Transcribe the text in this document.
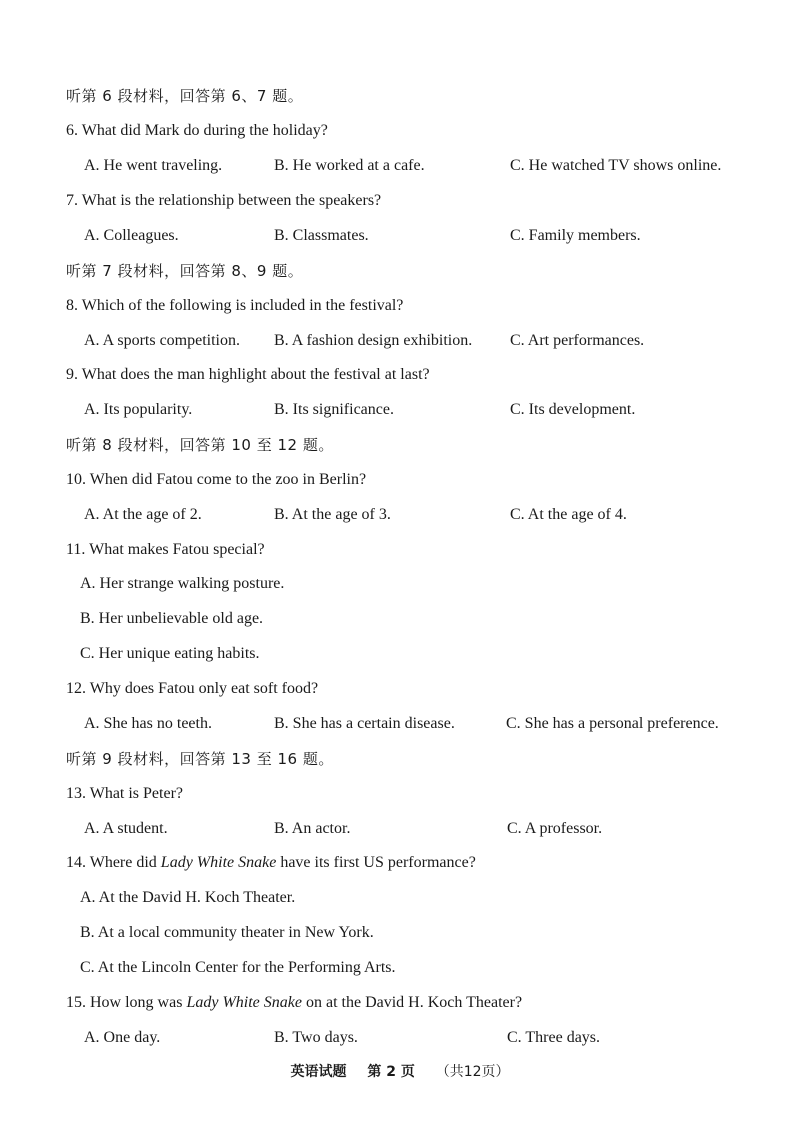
听第 6 段材料，回答第 6、7 题。
6. What did Mark do during the holiday?
A. He went traveling.	B. He worked at a cafe.	C. He watched TV shows online.
7. What is the relationship between the speakers?
A. Colleagues.	B. Classmates.	C. Family members.
听第 7 段材料，回答第 8、9 题。
8. Which of the following is included in the festival?
A. A sports competition. B. A fashion design exhibition. C. Art performances.
9. What does the man highlight about the festival at last?
A. Its popularity.	B. Its significance.	C. Its development.
听第 8 段材料，回答第 10 至 12 题。
10. When did Fatou come to the zoo in Berlin?
A. At the age of 2.	B. At the age of 3.	C. At the age of 4.
11. What makes Fatou special?
A. Her strange walking posture.
B. Her unbelievable old age.
C. Her unique eating habits.
12. Why does Fatou only eat soft food?
A. She has no teeth.	B. She has a certain disease.	C. She has a personal preference.
听第 9 段材料，回答第 13 至 16 题。
13. What is Peter?
A. A student.	B. An actor.	C. A professor.
14. Where did Lady White Snake have its first US performance?
A. At the David H. Koch Theater.
B. At a local community theater in New York.
C. At the Lincoln Center for the Performing Arts.
15. How long was Lady White Snake on at the David H. Koch Theater?
A. One day.	B. Two days.	C. Three days.
英语试题 第 2 页 （共12页）
